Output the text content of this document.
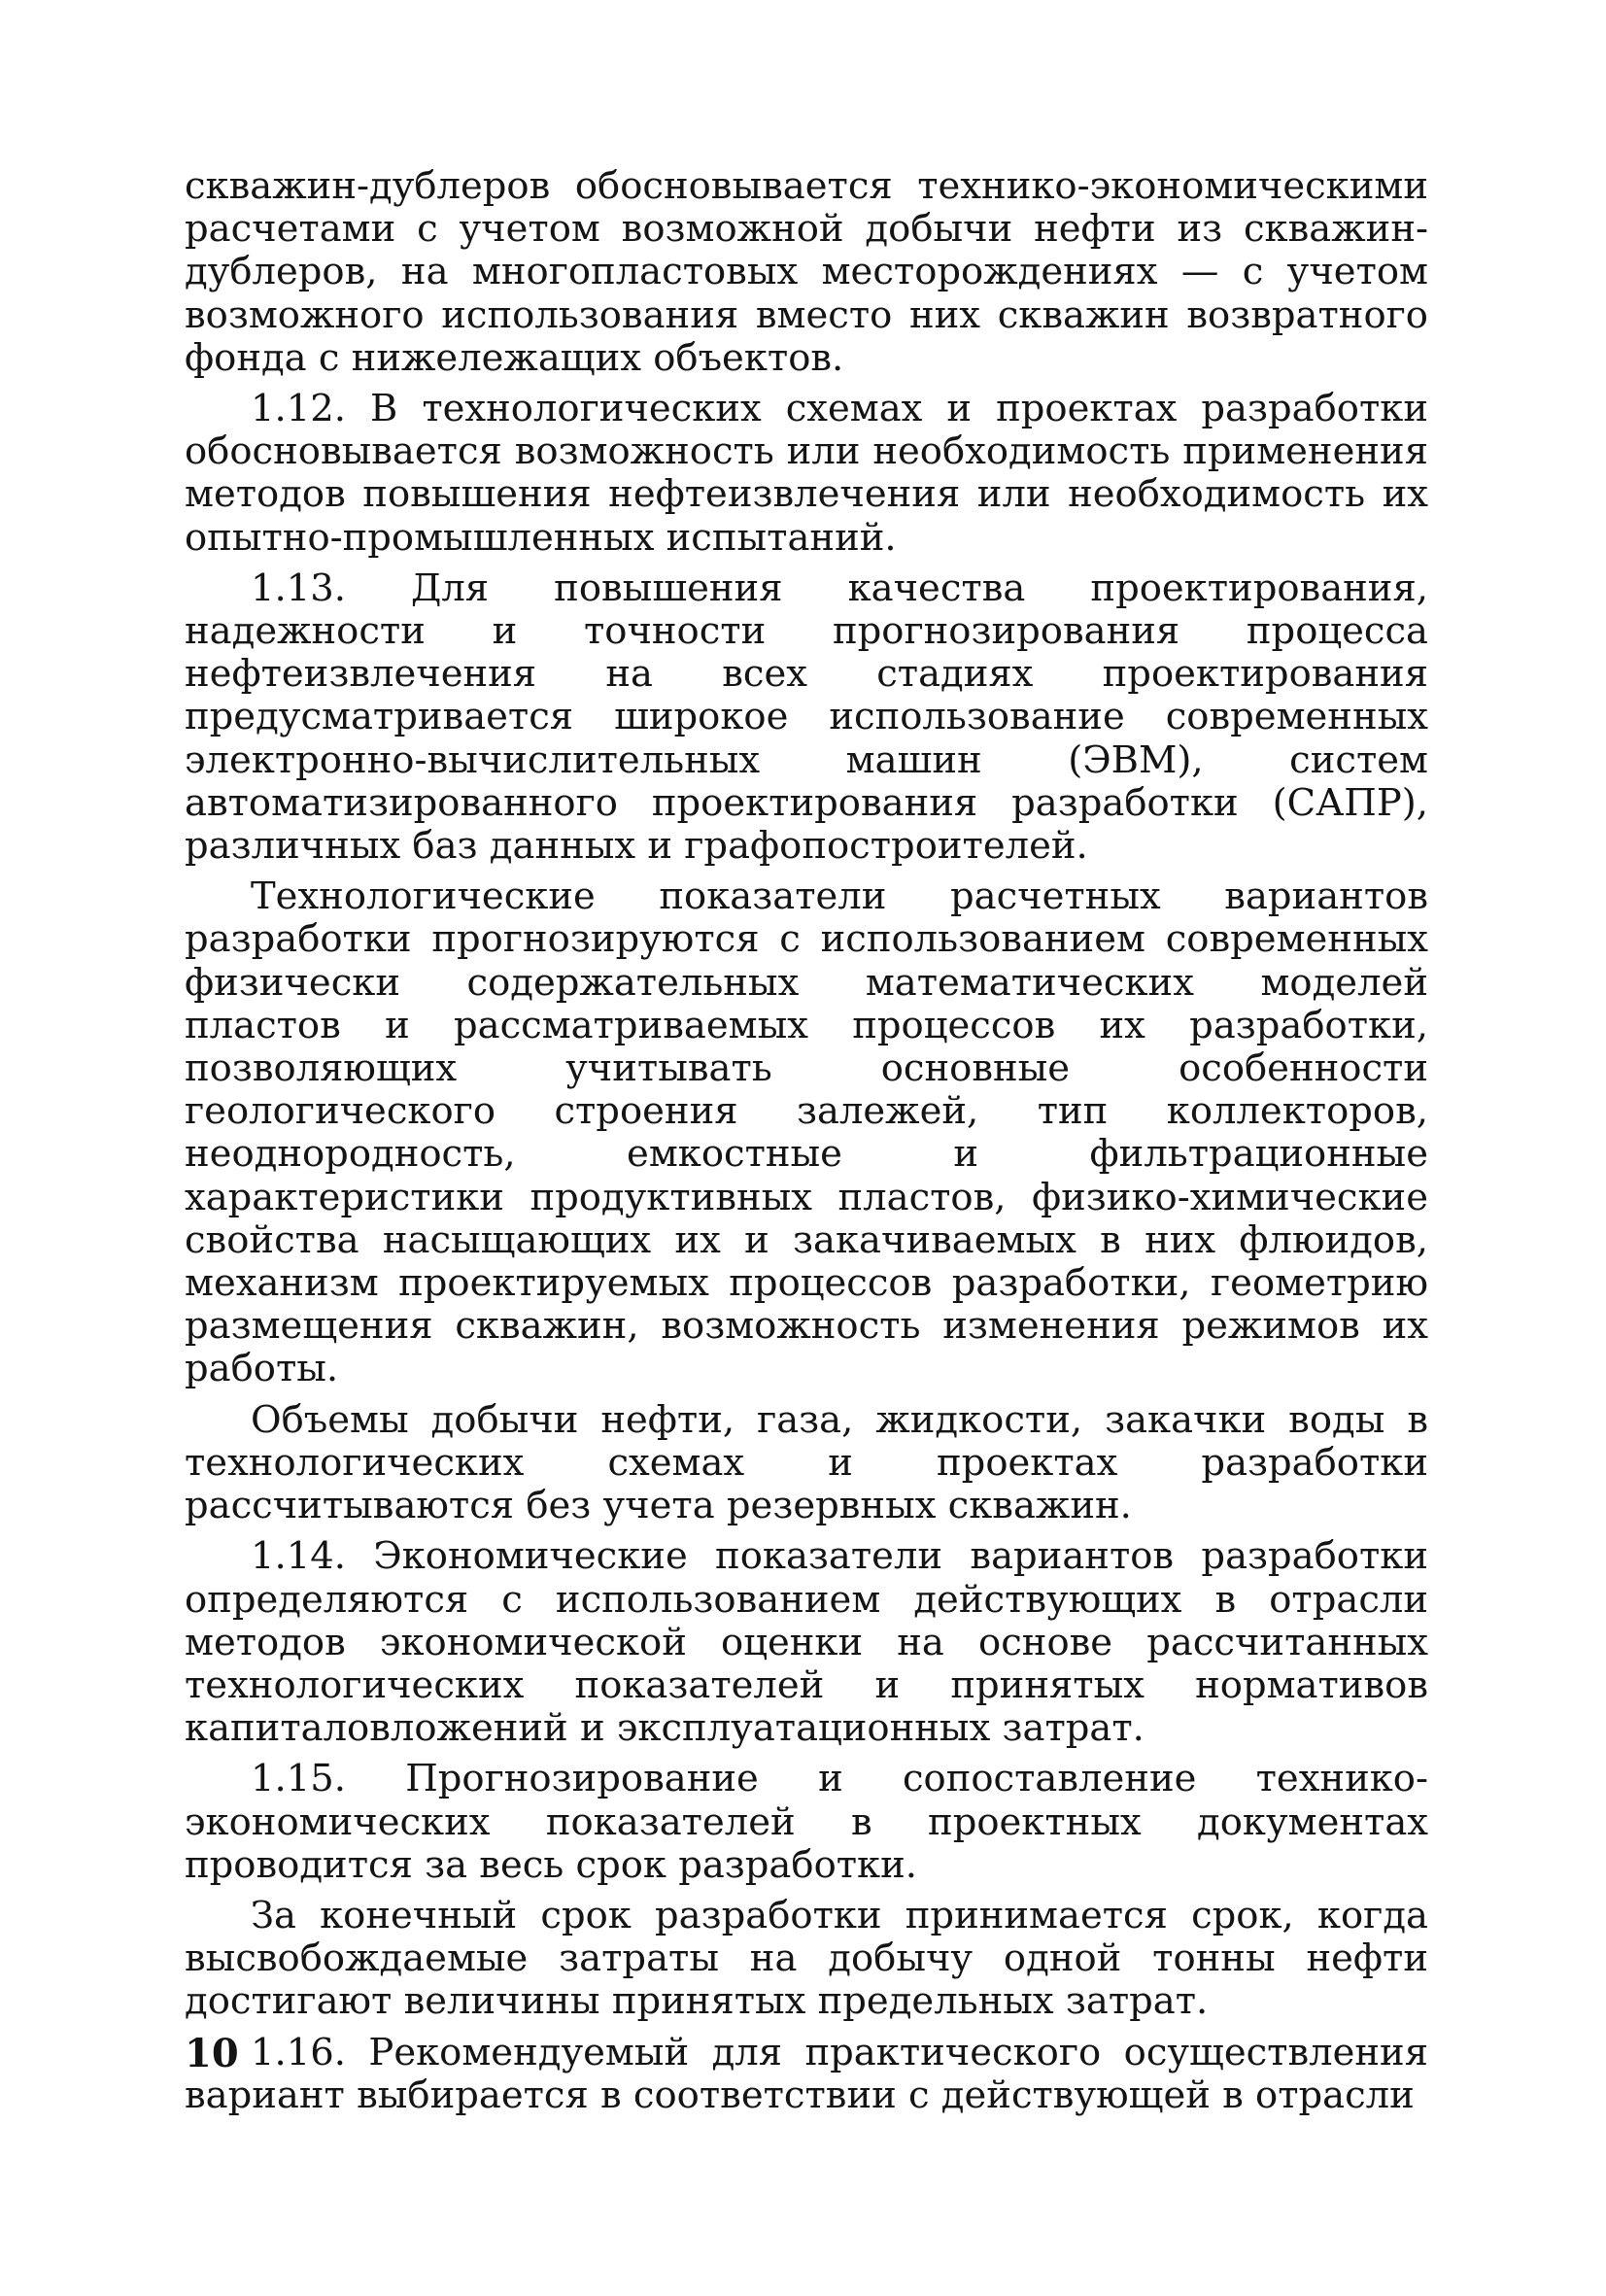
скважин-дублеров обосновывается технико-экономическими расчетами с учетом возможной добычи нефти из скважин-дублеров, на многопластовых месторождениях — с учетом возможного использования вместо них скважин возвратного фонда с нижележащих объектов.

1.12. В технологических схемах и проектах разработки обосновывается возможность или необходимость применения методов повышения нефтеизвлечения или необходимость их опытно-промышленных испытаний.

1.13. Для повышения качества проектирования, надежности и точности прогнозирования процесса нефтеизвлечения на всех стадиях проектирования предусматривается широкое использование современных электронно-вычислительных машин (ЭВМ), систем автоматизированного проектирования разработки (САПР), различных баз данных и графопостроителей.

Технологические показатели расчетных вариантов разработки прогнозируются с использованием современных физически содержательных математических моделей пластов и рассматриваемых процессов их разработки, позволяющих учитывать основные особенности геологического строения залежей, тип коллекторов, неоднородность, емкостные и фильтрационные характеристики продуктивных пластов, физико-химические свойства насыщающих их и закачиваемых в них флюидов, механизм проектируемых процессов разработки, геометрию размещения скважин, возможность изменения режимов их работы.

Объемы добычи нефти, газа, жидкости, закачки воды в технологических схемах и проектах разработки рассчитываются без учета резервных скважин.

1.14. Экономические показатели вариантов разработки определяются с использованием действующих в отрасли методов экономической оценки на основе рассчитанных технологических показателей и принятых нормативов капиталовложений и эксплуатационных затрат.

1.15. Прогнозирование и сопоставление технико-экономических показателей в проектных документах проводится за весь срок разработки.

За конечный срок разработки принимается срок, когда высвобождаемые затраты на добычу одной тонны нефти достигают величины принятых предельных затрат.

1.16. Рекомендуемый для практического осуществления вариант выбирается в соответствии с действующей в отрасли

10
